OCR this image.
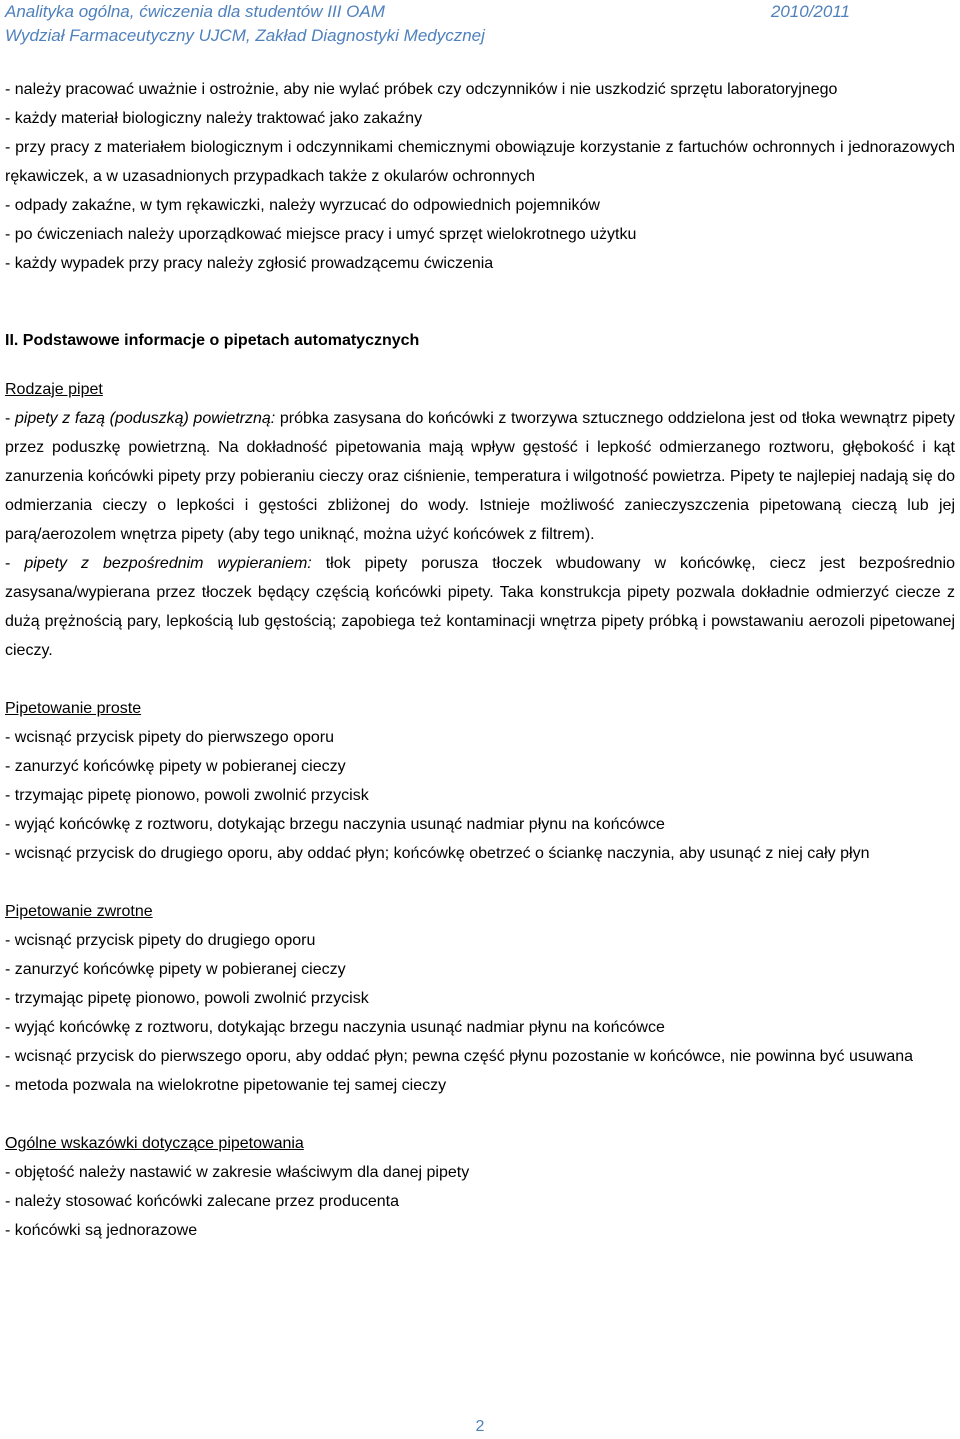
Analityka ogólna, ćwiczenia dla studentów III OAM	2010/2011
Wydział Farmaceutyczny UJCM, Zakład Diagnostyki Medycznej

- należy pracować uważnie i ostrożnie, aby nie wylać próbek czy odczynników i nie uszkodzić sprzętu laboratoryjnego

- każdy materiał biologiczny należy traktować jako zakaźny

- przy pracy z materiałem biologicznym i odczynnikami chemicznymi obowiązuje korzystanie z fartuchów ochronnych i jednorazowych rękawiczek, a w uzasadnionych przypadkach także z okularów ochronnych

- odpady zakaźne, w tym rękawiczki, należy wyrzucać do odpowiednich pojemników

- po ćwiczeniach należy uporządkować miejsce pracy i umyć sprzęt wielokrotnego użytku

- każdy wypadek przy pracy należy zgłosić prowadzącemu ćwiczenia

II. Podstawowe informacje o pipetach automatycznych

Rodzaje pipet

- pipety z fazą (poduszką) powietrzną: próbka zasysana do końcówki z tworzywa sztucznego oddzielona jest od tłoka wewnątrz pipety przez poduszkę powietrzną. Na dokładność pipetowania mają wpływ gęstość i lepkość odmierzanego roztworu, głębokość i kąt zanurzenia końcówki pipety przy pobieraniu cieczy oraz ciśnienie, temperatura i wilgotność powietrza. Pipety te najlepiej nadają się do odmierzania cieczy o lepkości i gęstości zbliżonej do wody. Istnieje możliwość zanieczyszczenia pipetowaną cieczą lub jej parą/aerozolem wnętrza pipety (aby tego uniknąć, można użyć końcówek z filtrem).

- pipety z bezpośrednim wypieraniem: tłok pipety porusza tłoczek wbudowany w końcówkę, ciecz jest bezpośrednio zasysana/wypierana przez tłoczek będący częścią końcówki pipety. Taka konstrukcja pipety pozwala dokładnie odmierzyć ciecze z dużą prężnością pary, lepkością lub gęstością; zapobiega też kontaminacji wnętrza pipety próbką i powstawaniu aerozoli pipetowanej cieczy.

Pipetowanie proste

- wcisnąć przycisk pipety do pierwszego oporu

- zanurzyć końcówkę pipety w pobieranej cieczy

- trzymając pipetę pionowo, powoli zwolnić przycisk

- wyjąć końcówkę z roztworu, dotykając brzegu naczynia usunąć nadmiar płynu na końcówce

- wcisnąć przycisk do drugiego oporu, aby oddać płyn; końcówkę obetrzeć o ściankę naczynia, aby usunąć z niej cały płyn

Pipetowanie zwrotne

- wcisnąć przycisk pipety do drugiego oporu

- zanurzyć końcówkę pipety w pobieranej cieczy

- trzymając pipetę pionowo, powoli zwolnić przycisk

- wyjąć końcówkę z roztworu, dotykając brzegu naczynia usunąć nadmiar płynu na końcówce

- wcisnąć przycisk do pierwszego oporu, aby oddać płyn; pewna część płynu pozostanie w końcówce, nie powinna być usuwana

- metoda pozwala na wielokrotne pipetowanie tej samej cieczy

Ogólne wskazówki dotyczące pipetowania

- objętość należy nastawić w zakresie właściwym dla danej pipety

- należy stosować końcówki zalecane przez producenta

- końcówki są jednorazowe

2
